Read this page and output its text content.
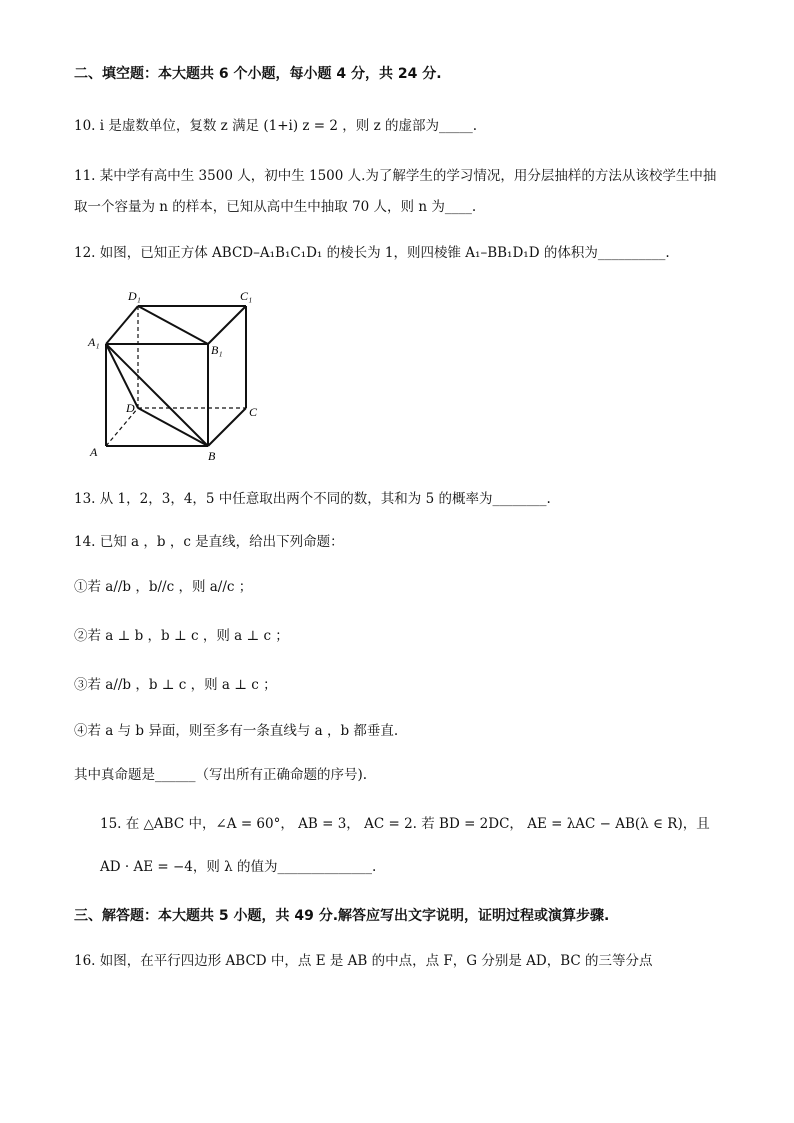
二、填空题：本大题共 6 个小题，每小题 4 分，共 24 分.
10. i 是虚数单位，复数 z 满足 (1+i) z = 2 ，则 z 的虚部为_____.
11. 某中学有高中生 3500 人，初中生 1500 人.为了解学生的学习情况，用分层抽样的方法从该校学生中抽
取一个容量为 n 的样本，已知从高中生中抽取 70 人，则 n 为____.
12. 如图，已知正方体 ABCD–A₁B₁C₁D₁ 的棱长为 1，则四棱锥 A₁–BB₁D₁D 的体积为__________.
D₁	C₁
A₁
B₁
D	C
A	B
13. 从 1，2，3，4，5 中任意取出两个不同的数，其和为 5 的概率为________.
14. 已知 a ，b ，c 是直线，给出下列命题：
①若 a//b ，b//c ，则 a//c ；
②若 a ⊥ b ，b ⊥ c ，则 a ⊥ c ；
③若 a//b ，b ⊥ c ，则 a ⊥ c ；
④若 a 与 b 异面，则至多有一条直线与 a ，b 都垂直.
其中真命题是______（写出所有正确命题的序号).
15. 在 △ABC 中，∠A = 60°， AB = 3， AC = 2. 若 BD = 2DC， AE = λAC − AB(λ ∈ R)，且
AD · AE = −4，则 λ 的值为______________.
三、解答题：本大题共 5 小题，共 49 分.解答应写出文字说明，证明过程或演算步骤.
16. 如图，在平行四边形 ABCD 中，点 E 是 AB 的中点，点 F，G 分别是 AD，BC 的三等分点
